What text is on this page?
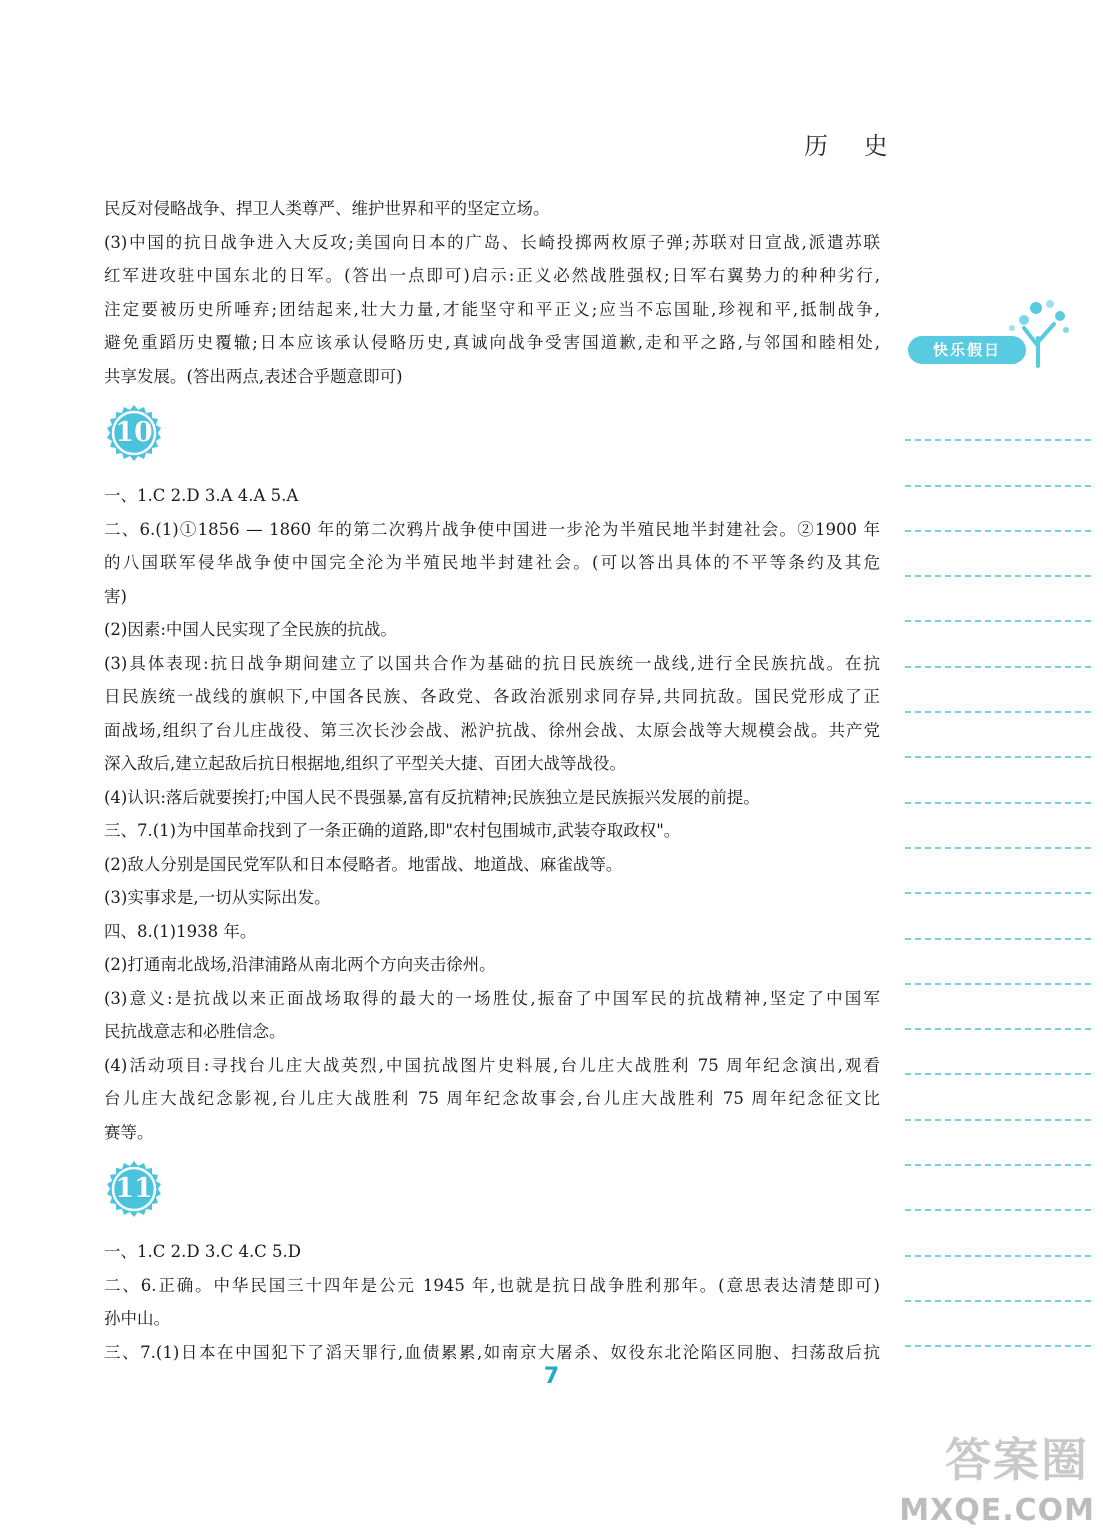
历 史
民反对侵略战争、捍卫人类尊严、维护世界和平的坚定立场。
(3)中国的抗日战争进入大反攻;美国向日本的广岛、长崎投掷两枚原子弹;苏联对日宣战,派遣苏联
红军进攻驻中国东北的日军。(答出一点即可)启示:正义必然战胜强权;日军右翼势力的种种劣行,
注定要被历史所唾弃;团结起来,壮大力量,才能坚守和平正义;应当不忘国耻,珍视和平,抵制战争,
避免重蹈历史覆辙;日本应该承认侵略历史,真诚向战争受害国道歉,走和平之路,与邻国和睦相处,
共享发展。(答出两点,表述合乎题意即可)
10
一、1.C 2.D 3.A 4.A 5.A
二、6.(1)①1856 — 1860 年的第二次鸦片战争使中国进一步沦为半殖民地半封建社会。②1900 年
的八国联军侵华战争使中国完全沦为半殖民地半封建社会。(可以答出具体的不平等条约及其危
害)
(2)因素:中国人民实现了全民族的抗战。
(3)具体表现:抗日战争期间建立了以国共合作为基础的抗日民族统一战线,进行全民族抗战。在抗
日民族统一战线的旗帜下,中国各民族、各政党、各政治派别求同存异,共同抗敌。国民党形成了正
面战场,组织了台儿庄战役、第三次长沙会战、淞沪抗战、徐州会战、太原会战等大规模会战。共产党
深入敌后,建立起敌后抗日根据地,组织了平型关大捷、百团大战等战役。
(4)认识:落后就要挨打;中国人民不畏强暴,富有反抗精神;民族独立是民族振兴发展的前提。
三、7.(1)为中国革命找到了一条正确的道路,即"农村包围城市,武装夺取政权"。
(2)敌人分别是国民党军队和日本侵略者。地雷战、地道战、麻雀战等。
(3)实事求是,一切从实际出发。
四、8.(1)1938 年。
(2)打通南北战场,沿津浦路从南北两个方向夹击徐州。
(3)意义:是抗战以来正面战场取得的最大的一场胜仗,振奋了中国军民的抗战精神,坚定了中国军
民抗战意志和必胜信念。
(4)活动项目:寻找台儿庄大战英烈,中国抗战图片史料展,台儿庄大战胜利 75 周年纪念演出,观看
台儿庄大战纪念影视,台儿庄大战胜利 75 周年纪念故事会,台儿庄大战胜利 75 周年纪念征文比
赛等。
11
一、1.C 2.D 3.C 4.C 5.D
二、6.正确。中华民国三十四年是公元 1945 年,也就是抗日战争胜利那年。(意思表达清楚即可)
孙中山。
三、7.(1)日本在中国犯下了滔天罪行,血债累累,如南京大屠杀、奴役东北沦陷区同胞、扫荡敌后抗
快乐假日
7
答案圈
MXQE.COM
